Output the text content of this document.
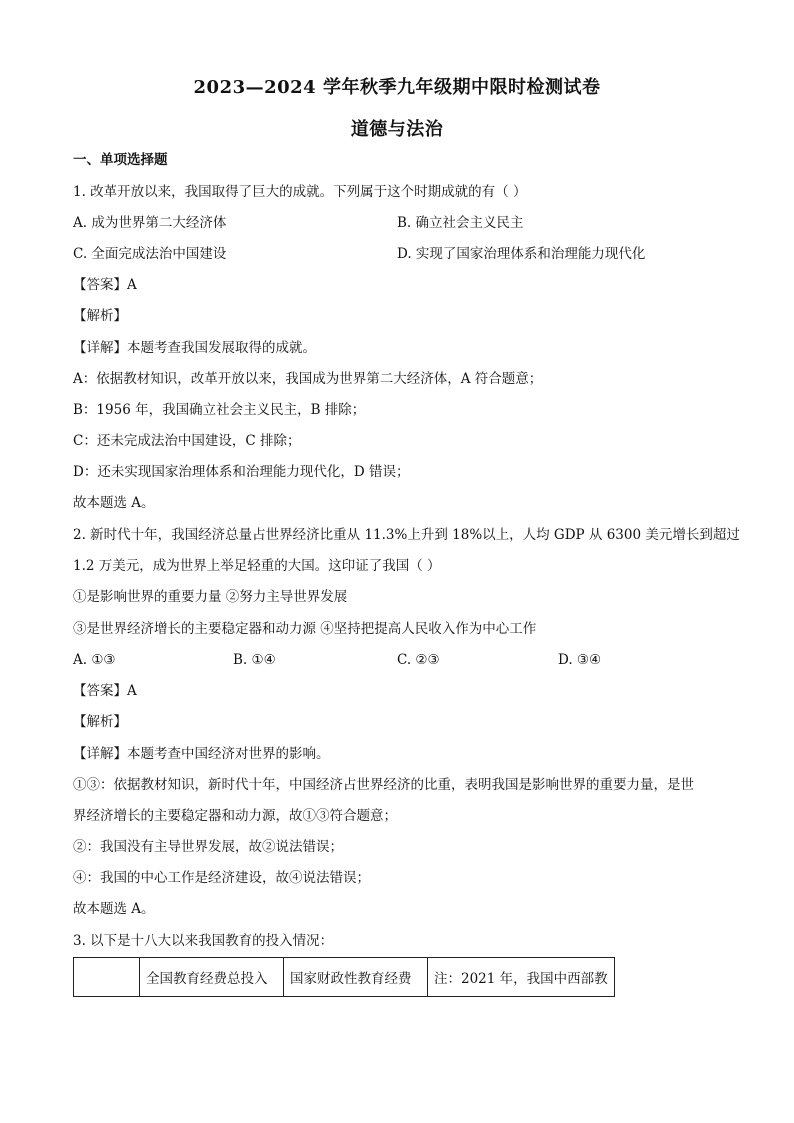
2023—2024 学年秋季九年级期中限时检测试卷
道德与法治
一、单项选择题
1. 改革开放以来，我国取得了巨大的成就。下列属于这个时期成就的有（ ）
A. 成为世界第二大经济体	B. 确立社会主义民主
C. 全面完成法治中国建设	D. 实现了国家治理体系和治理能力现代化
【答案】A
【解析】
【详解】本题考查我国发展取得的成就。
A：依据教材知识，改革开放以来，我国成为世界第二大经济体，A 符合题意；
B：1956 年，我国确立社会主义民主，B 排除；
C：还未完成法治中国建设，C 排除；
D：还未实现国家治理体系和治理能力现代化，D 错误；
故本题选 A。
2. 新时代十年，我国经济总量占世界经济比重从 11.3%上升到 18%以上，人均 GDP 从 6300 美元增长到超过
1.2 万美元，成为世界上举足轻重的大国。这印证了我国（ ）
①是影响世界的重要力量 ②努力主导世界发展
③是世界经济增长的主要稳定器和动力源 ④坚持把提高人民收入作为中心工作
A. ①③	B. ①④	C. ②③	D. ③④
【答案】A
【解析】
【详解】本题考查中国经济对世界的影响。
①③：依据教材知识，新时代十年，中国经济占世界经济的比重，表明我国是影响世界的重要力量，是世
界经济增长的主要稳定器和动力源，故①③符合题意；
②：我国没有主导世界发展，故②说法错误；
④：我国的中心工作是经济建设，故④说法错误；
故本题选 A。
3. 以下是十八大以来我国教育的投入情况：
	全国教育经费总投入	国家财政性教育经费	注：2021 年，我国中西部教
